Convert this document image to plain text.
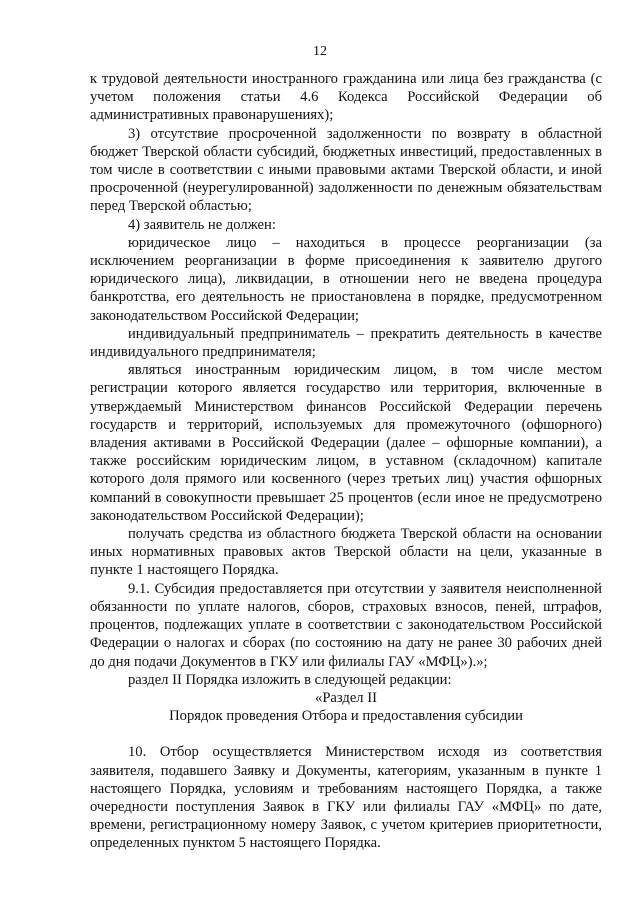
12

к трудовой деятельности иностранного гражданина или лица без гражданства (с учетом положения статьи 4.6 Кодекса Российской Федерации об административных правонарушениях);

3) отсутствие просроченной задолженности по возврату в областной бюджет Тверской области субсидий, бюджетных инвестиций, предоставленных в том числе в соответствии с иными правовыми актами Тверской области, и иной просроченной (неурегулированной) задолженности по денежным обязательствам перед Тверской областью;

4) заявитель не должен:

юридическое лицо – находиться в процессе реорганизации (за исключением реорганизации в форме присоединения к заявителю другого юридического лица), ликвидации, в отношении него не введена процедура банкротства, его деятельность не приостановлена в порядке, предусмотренном законодательством Российской Федерации;

индивидуальный предприниматель – прекратить деятельность в качестве индивидуального предпринимателя;

являться иностранным юридическим лицом, в том числе местом регистрации которого является государство или территория, включенные в утверждаемый Министерством финансов Российской Федерации перечень государств и территорий, используемых для промежуточного (офшорного) владения активами в Российской Федерации (далее – офшорные компании), а также российским юридическим лицом, в уставном (складочном) капитале которого доля прямого или косвенного (через третьих лиц) участия офшорных компаний в совокупности превышает 25 процентов (если иное не предусмотрено законодательством Российской Федерации);

получать средства из областного бюджета Тверской области на основании иных нормативных правовых актов Тверской области на цели, указанные в пункте 1 настоящего Порядка.

9.1. Субсидия предоставляется при отсутствии у заявителя неисполненной обязанности по уплате налогов, сборов, страховых взносов, пеней, штрафов, процентов, подлежащих уплате в соответствии с законодательством Российской Федерации о налогах и сборах (по состоянию на дату не ранее 30 рабочих дней до дня подачи Документов в ГКУ или филиалы ГАУ «МФЦ»).»;

раздел II Порядка изложить в следующей редакции:

«Раздел II

Порядок проведения Отбора и предоставления субсидии

10. Отбор осуществляется Министерством исходя из соответствия заявителя, подавшего Заявку и Документы, категориям, указанным в пункте 1 настоящего Порядка, условиям и требованиям настоящего Порядка, а также очередности поступления Заявок в ГКУ или филиалы ГАУ «МФЦ» по дате, времени, регистрационному номеру Заявок, с учетом критериев приоритетности, определенных пунктом 5 настоящего Порядка.
